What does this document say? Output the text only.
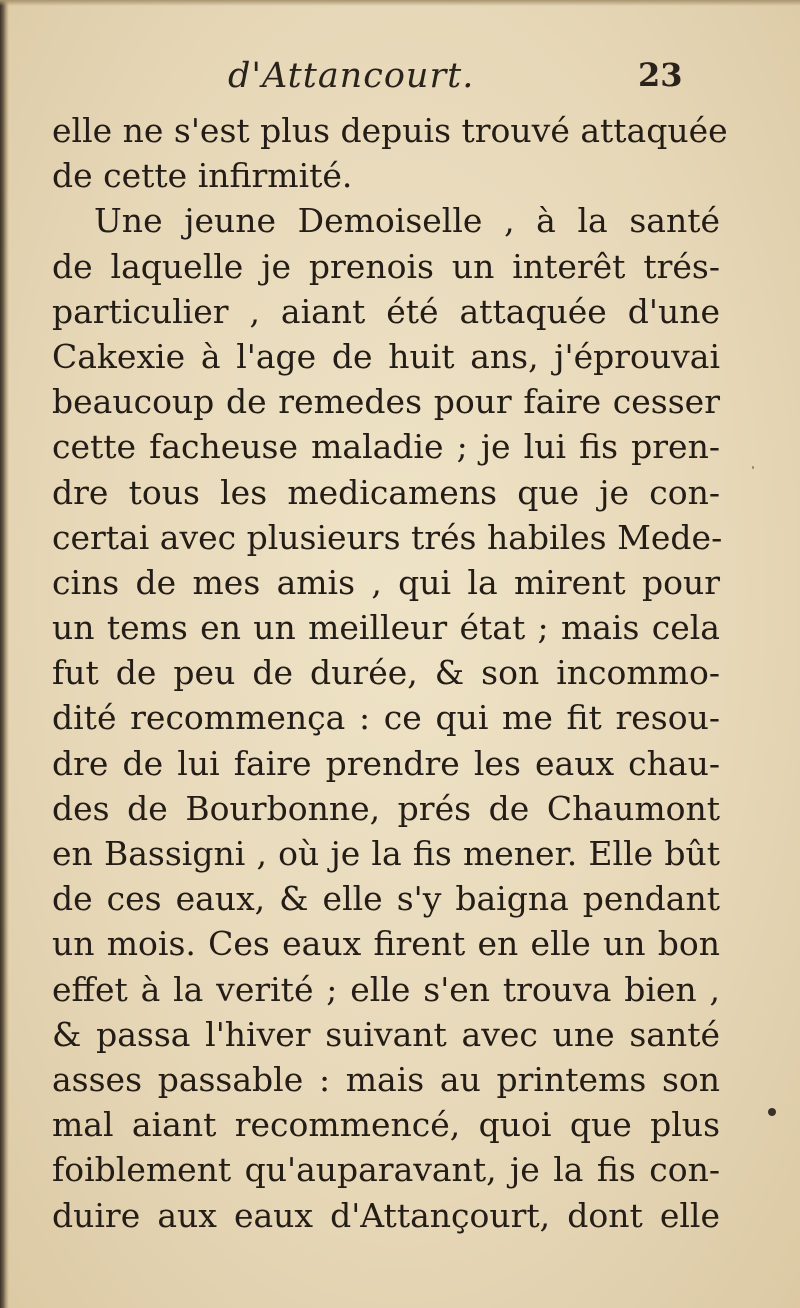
d'Attancourt.	23
elle ne s'est plus depuis trouvé attaquée
de cette infirmité.
Une jeune Demoiselle , à la santé
de laquelle je prenois un interêt trés-
particulier , aiant été attaquée d'une
Cakexie à l'age de huit ans, j'éprouvai
beaucoup de remedes pour faire cesser
cette facheuse maladie ; je lui fis pren-
dre tous les medicamens que je con-
certai avec plusieurs trés habiles Mede-
cins de mes amis , qui la mirent pour
un tems en un meilleur état ; mais cela
fut de peu de durée, & son incommo-
dité recommença : ce qui me fit resou-
dre de lui faire prendre les eaux chau-
des de Bourbonne, prés de Chaumont
en Bassigni , où je la fis mener. Elle bût
de ces eaux, & elle s'y baigna pendant
un mois. Ces eaux firent en elle un bon
effet à la verité ; elle s'en trouva bien ,
& passa l'hiver suivant avec une santé
asses passable : mais au printems son
mal aiant recommencé, quoi que plus
foiblement qu'auparavant, je la fis con-
duire aux eaux d'Attançourt, dont elle
